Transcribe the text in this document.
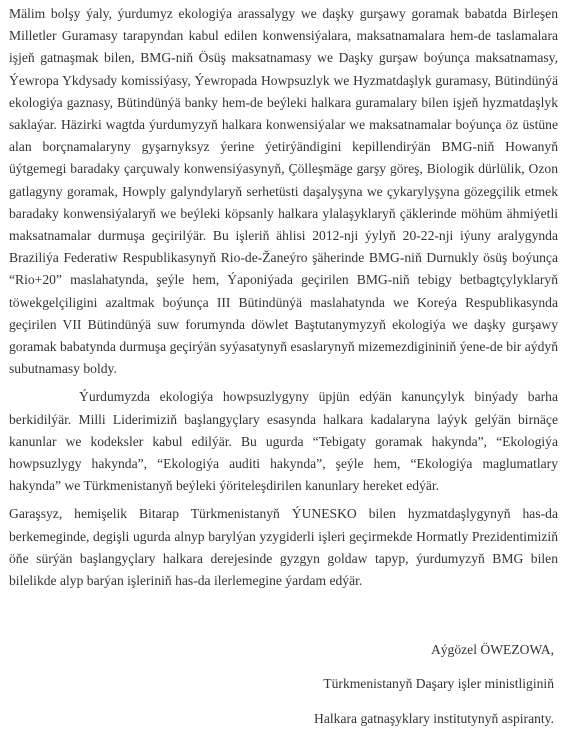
Mälim bolşy ýaly, ýurdumyz ekologiýa arassalygy we daşky gurşawy goramak babatda Birleşen Milletler Guramasy tarapyndan kabul edilen konwensiýalara, maksatnamalara hem-de taslamalara işjeň gatnaşmak bilen, BMG-niň Ösüş maksatnamasy we Daşky gurşaw boýunça maksatnamasy, Ýewropa Ykdysady komissiýasy, Ýewropada Howpsuzlyk we Hyzmatdaşlyk guramasy, Bütindünýä ekologiýa gaznasy, Bütindünýä banky hem-de beýleki halkara guramalary bilen işjeň hyzmatdaşlyk saklaýar. Häzirki wagtda ýurdumyzyň halkara konwensiýalar we maksatnamalar boýunça öz üstüne alan borçnamalaryny gyşarnyksyz ýerine ýetirýändigini kepillendirýän BMG-niň Howanyň üýtgemegi baradaky çarçuwaly konwensiýasynyň, Çölleşmäge garşy göreş, Biologik dürlülik, Ozon gatlagyny goramak, Howply galyndylaryň serhetüsti daşalyşyna we çykarylyşyna gözegçilik etmek baradaky konwensiýalaryň we beýleki köpsanly halkara ylalaşyklaryň çäklerinde möhüm ähmiýetli maksatnamalar durmuşa geçirilýär. Bu işleriň ählisi 2012-nji ýylyň 20-22-nji iýuny aralygynda Braziliýa Federatiw Respublikasynyň Rio-de-Žaneýro şäherinde BMG-niň Durnukly ösüş boýunça “Rio+20” maslahatynda, şeýle hem, Ýaponiýada geçirilen BMG-niň tebigy betbagtçylyklaryň töwekgelçiligini azaltmak boýunça III Bütindünýä maslahatynda we Koreýa Respublikasynda geçirilen VII Bütindünýä suw forumynda döwlet Baştutanymyzyň ekologiýa we daşky gurşawy goramak babatynda durmuşa geçirýän syýasatynyň esaslarynyň mizemezdigininiň ýene-de bir aýdyň subutnamasy boldy.

Ýurdumyzda ekologiýa howpsuzlygyny üpjün edýän kanunçylyk binýady barha berkidilýär. Milli Liderimiziň başlangyçlary esasynda halkara kadalaryna laýyk gelýän birnäçe kanunlar we kodeksler kabul edilýär. Bu ugurda “Tebigaty goramak hakynda”, “Ekologiýa howpsuzlygy hakynda”, “Ekologiýa auditi hakynda”, şeýle hem, “Ekologiýa maglumatlary hakynda” we Türkmenistanyň beýleki ýöriteleşdirilen kanunlary hereket edýär.

Garaşsyz, hemişelik Bitarap Türkmenistanyň ÝUNESKO bilen hyzmatdaşlygynyň has-da berkemeginde, degişli ugurda alnyp barylýan yzygiderli işleri geçirmekde Hormatly Prezidentimiziň öňe sürýän başlangyçlary halkara derejesinde gyzgyn goldaw tapyp, ýurdumyzyň BMG bilen bilelikde alyp barýan işleriniň has-da ilerlemegine ýardam edýär.

Aýgözel ÖWEZOWA,

Türkmenistanyň Daşary işler ministliginiň

Halkara gatnaşyklary institutynyň aspiranty.
